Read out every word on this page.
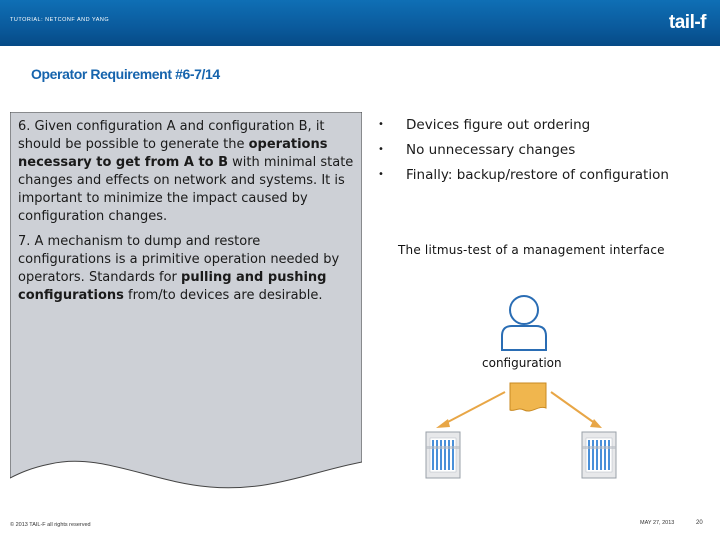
TUTORIAL: NETCONF AND YANG	tail-f
Operator Requirement #6-7/14

6. Given configuration A and configuration B, it should be possible to generate the operations necessary to get from A to B with minimal state changes and effects on network and systems. It is important to minimize the impact caused by configuration changes.

7. A mechanism to dump and restore configurations is a primitive operation needed by operators. Standards for pulling and pushing configurations from/to devices are desirable.

•	Devices figure out ordering
•	No unnecessary changes
•	Finally: backup/restore of configuration
The litmus-test of a management interface
configuration
© 2013 TAIL-F all rights reserved	MAY 27, 2013	20
